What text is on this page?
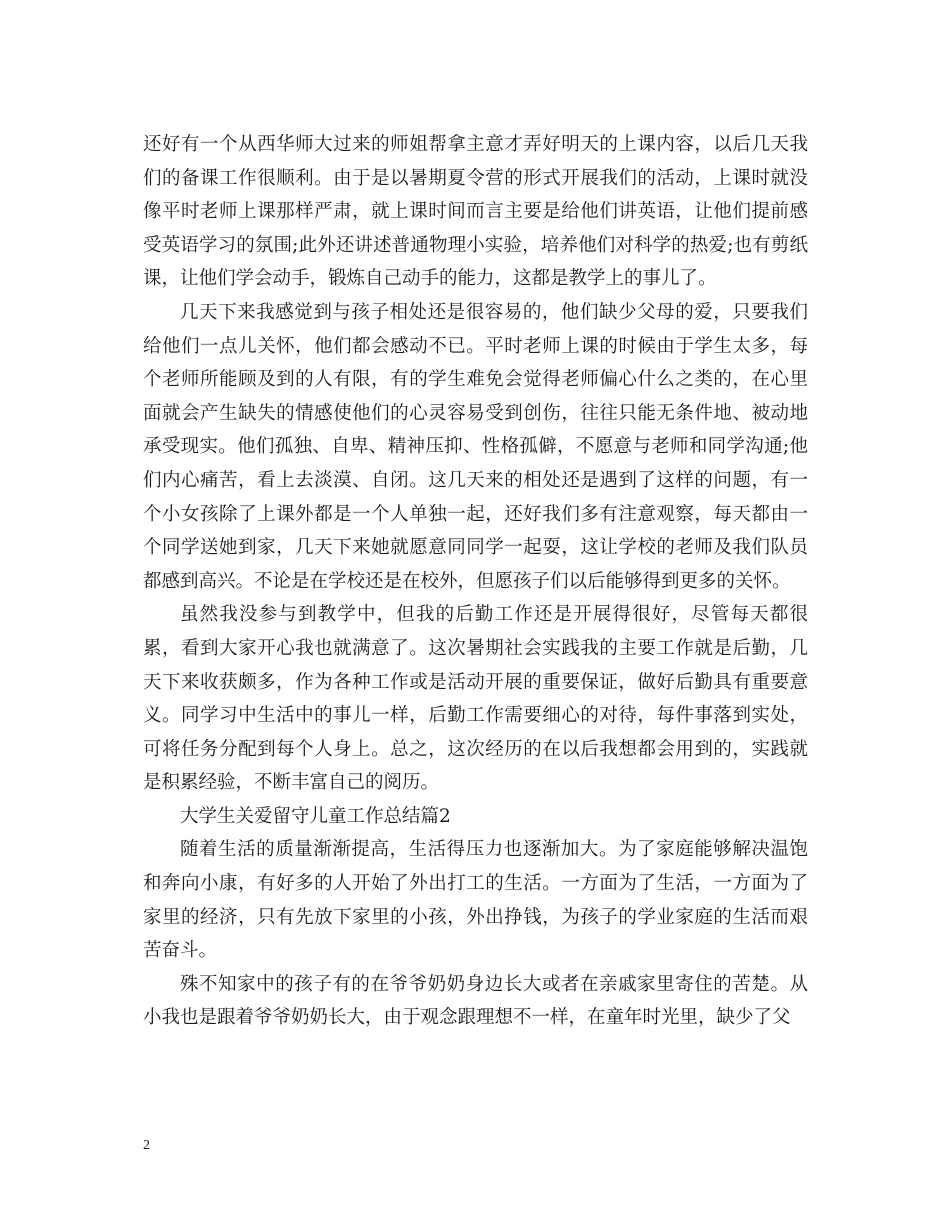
还好有一个从西华师大过来的师姐帮拿主意才弄好明天的上课内容，以后几天我们的备课工作很顺利。由于是以暑期夏令营的形式开展我们的活动，上课时就没像平时老师上课那样严肃，就上课时间而言主要是给他们讲英语，让他们提前感受英语学习的氛围;此外还讲述普通物理小实验，培养他们对科学的热爱;也有剪纸课，让他们学会动手，锻炼自己动手的能力，这都是教学上的事儿了。

几天下来我感觉到与孩子相处还是很容易的，他们缺少父母的爱，只要我们给他们一点儿关怀，他们都会感动不已。平时老师上课的时候由于学生太多，每个老师所能顾及到的人有限，有的学生难免会觉得老师偏心什么之类的，在心里面就会产生缺失的情感使他们的心灵容易受到创伤，往往只能无条件地、被动地承受现实。他们孤独、自卑、精神压抑、性格孤僻，不愿意与老师和同学沟通;他们内心痛苦，看上去淡漠、自闭。这几天来的相处还是遇到了这样的问题，有一个小女孩除了上课外都是一个人单独一起，还好我们多有注意观察，每天都由一个同学送她到家，几天下来她就愿意同同学一起耍，这让学校的老师及我们队员都感到高兴。不论是在学校还是在校外，但愿孩子们以后能够得到更多的关怀。

虽然我没参与到教学中，但我的后勤工作还是开展得很好，尽管每天都很累，看到大家开心我也就满意了。这次暑期社会实践我的主要工作就是后勤，几天下来收获颇多，作为各种工作或是活动开展的重要保证，做好后勤具有重要意义。同学习中生活中的事儿一样，后勤工作需要细心的对待，每件事落到实处，可将任务分配到每个人身上。总之，这次经历的在以后我想都会用到的，实践就是积累经验，不断丰富自己的阅历。

大学生关爱留守儿童工作总结篇2

随着生活的质量渐渐提高，生活得压力也逐渐加大。为了家庭能够解决温饱和奔向小康，有好多的人开始了外出打工的生活。一方面为了生活，一方面为了家里的经济，只有先放下家里的小孩，外出挣钱，为孩子的学业家庭的生活而艰苦奋斗。

殊不知家中的孩子有的在爷爷奶奶身边长大或者在亲戚家里寄住的苦楚。从小我也是跟着爷爷奶奶长大，由于观念跟理想不一样，在童年时光里，缺少了父

2
